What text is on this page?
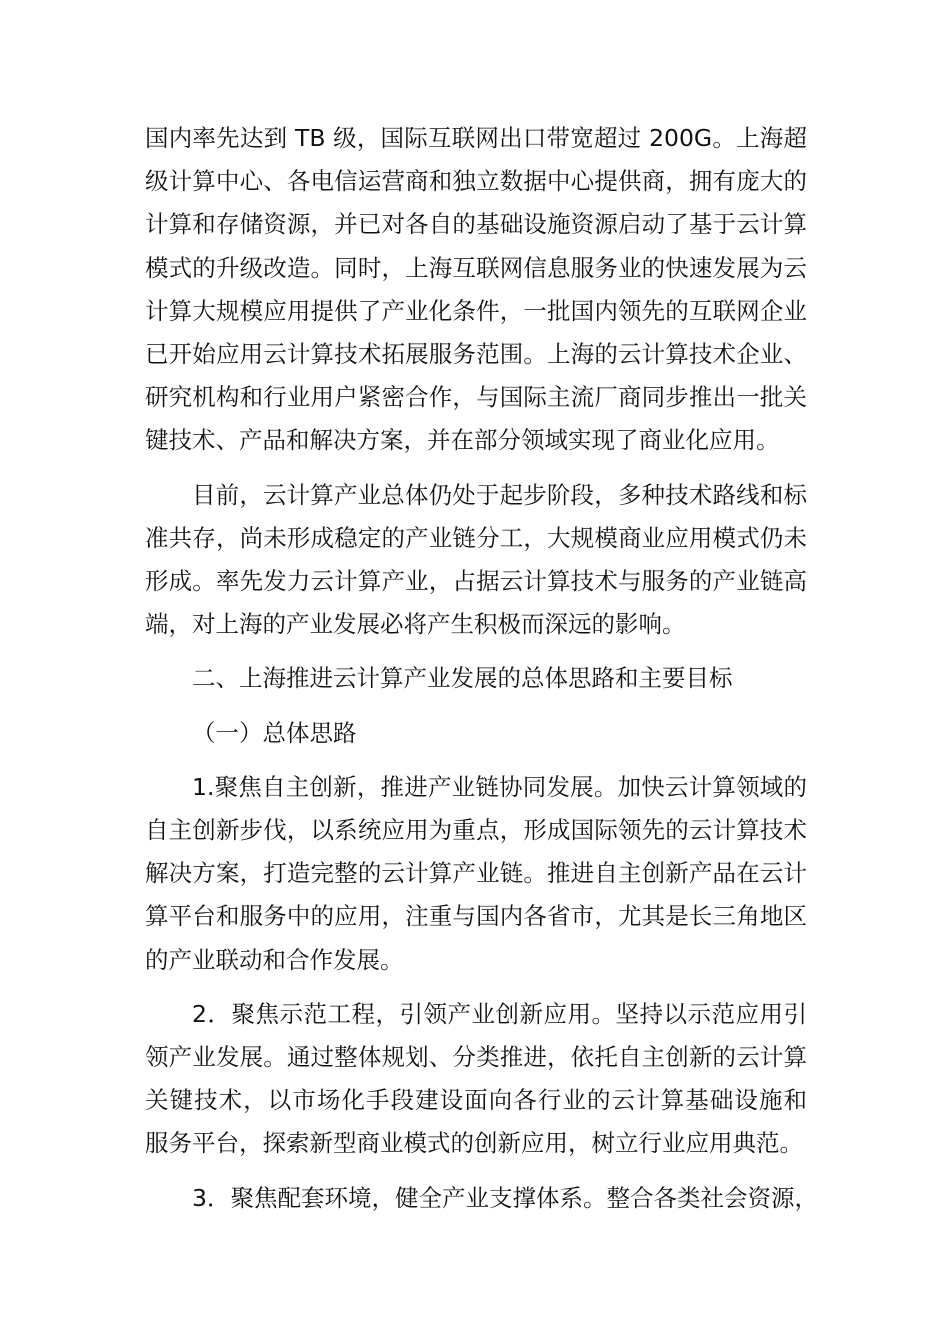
国内率先达到 TB 级，国际互联网出口带宽超过 200G。上海超
级计算中心、各电信运营商和独立数据中心提供商，拥有庞大的
计算和存储资源，并已对各自的基础设施资源启动了基于云计算
模式的升级改造。同时，上海互联网信息服务业的快速发展为云
计算大规模应用提供了产业化条件，一批国内领先的互联网企业
已开始应用云计算技术拓展服务范围。上海的云计算技术企业、
研究机构和行业用户紧密合作，与国际主流厂商同步推出一批关
键技术、产品和解决方案，并在部分领域实现了商业化应用。

目前，云计算产业总体仍处于起步阶段，多种技术路线和标
准共存，尚未形成稳定的产业链分工，大规模商业应用模式仍未
形成。率先发力云计算产业，占据云计算技术与服务的产业链高
端，对上海的产业发展必将产生积极而深远的影响。

二、上海推进云计算产业发展的总体思路和主要目标

（一）总体思路

1.聚焦自主创新，推进产业链协同发展。加快云计算领域的
自主创新步伐，以系统应用为重点，形成国际领先的云计算技术
解决方案，打造完整的云计算产业链。推进自主创新产品在云计
算平台和服务中的应用，注重与国内各省市，尤其是长三角地区
的产业联动和合作发展。

2．聚焦示范工程，引领产业创新应用。坚持以示范应用引
领产业发展。通过整体规划、分类推进，依托自主创新的云计算
关键技术，以市场化手段建设面向各行业的云计算基础设施和
服务平台，探索新型商业模式的创新应用，树立行业应用典范。

3．聚焦配套环境，健全产业支撑体系。整合各类社会资源，
